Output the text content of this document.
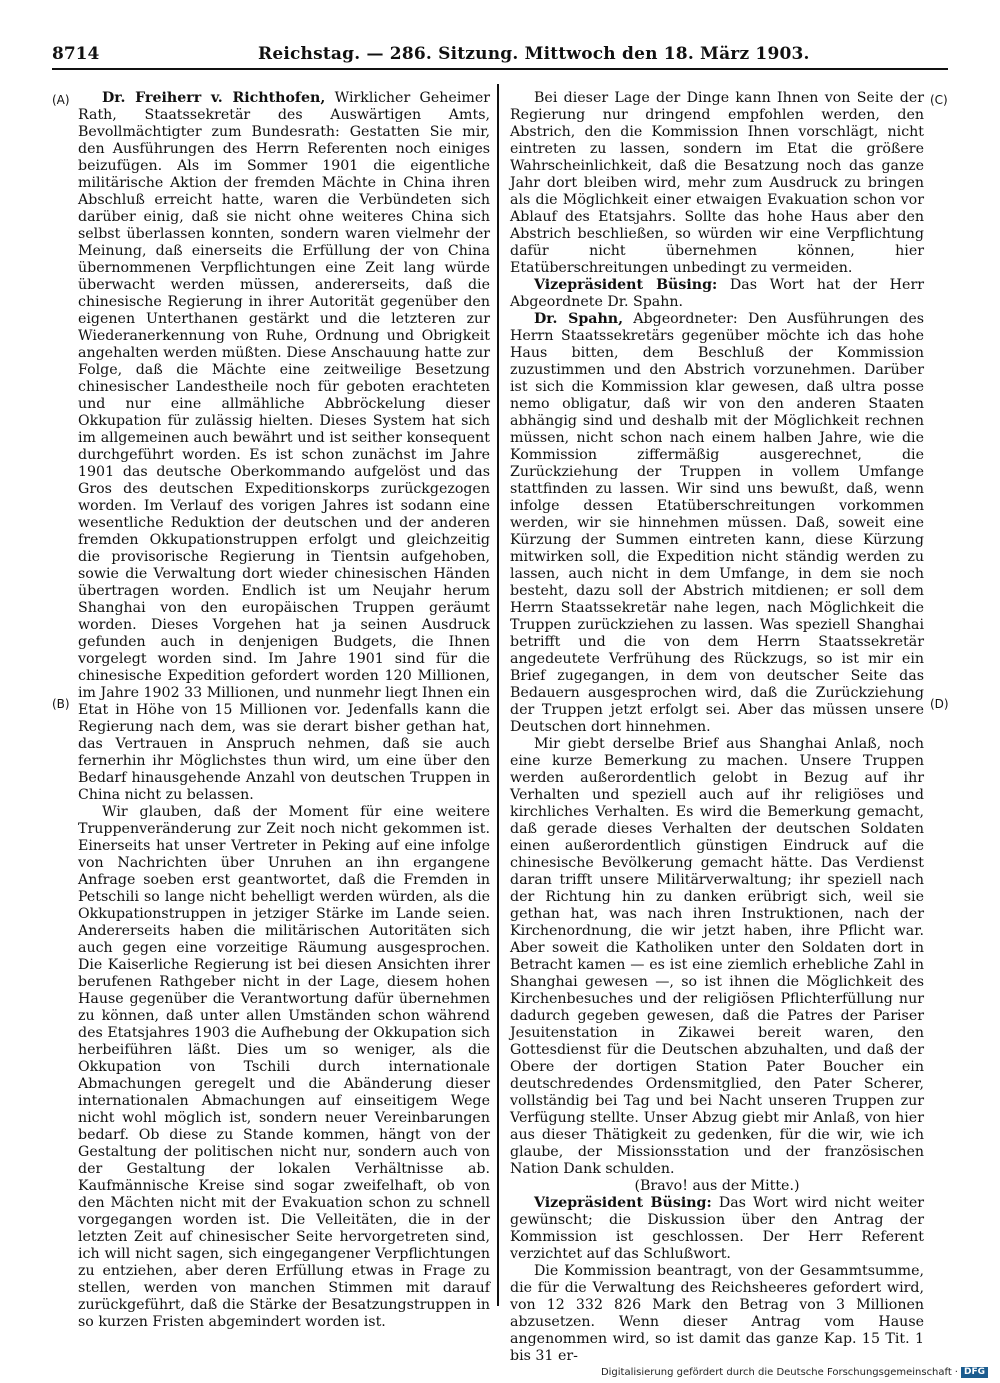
8714	Reichstag. — 286. Sitzung. Mittwoch den 18. März 1903.
(A)
(B)
(C)
(D)

Dr. Freiherr v. Richthofen, Wirklicher Geheimer Rath, Staatssekretär des Auswärtigen Amts, Bevollmächtigter zum Bundesrath: Gestatten Sie mir, den Ausführungen des Herrn Referenten noch einiges beizufügen. Als im Sommer 1901 die eigentliche militärische Aktion der fremden Mächte in China ihren Abschluß erreicht hatte, waren die Verbündeten sich darüber einig, daß sie nicht ohne weiteres China sich selbst überlassen konnten, sondern waren vielmehr der Meinung, daß einerseits die Erfüllung der von China übernommenen Verpflichtungen eine Zeit lang würde überwacht werden müssen, andererseits, daß die chinesische Regierung in ihrer Autorität gegenüber den eigenen Unterthanen gestärkt und die letzteren zur Wiederanerkennung von Ruhe, Ordnung und Obrigkeit angehalten werden müßten. Diese Anschauung hatte zur Folge, daß die Mächte eine zeitweilige Besetzung chinesischer Landestheile noch für geboten erachteten und nur eine allmähliche Abbröckelung dieser Okkupation für zulässig hielten. Dieses System hat sich im allgemeinen auch bewährt und ist seither konsequent durchgeführt worden. Es ist schon zunächst im Jahre 1901 das deutsche Oberkommando aufgelöst und das Gros des deutschen Expeditionskorps zurückgezogen worden. Im Verlauf des vorigen Jahres ist sodann eine wesentliche Reduktion der deutschen und der anderen fremden Okkupationstruppen erfolgt und gleichzeitig die provisorische Regierung in Tientsin aufgehoben, sowie die Verwaltung dort wieder chinesischen Händen übertragen worden. Endlich ist um Neujahr herum Shanghai von den europäischen Truppen geräumt worden. Dieses Vorgehen hat ja seinen Ausdruck gefunden auch in denjenigen Budgets, die Ihnen vorgelegt worden sind. Im Jahre 1901 sind für die chinesische Expedition gefordert worden 120 Millionen, im Jahre 1902 33 Millionen, und nunmehr liegt Ihnen ein Etat in Höhe von 15 Millionen vor. Jedenfalls kann die Regierung nach dem, was sie derart bisher gethan hat, das Vertrauen in Anspruch nehmen, daß sie auch fernerhin ihr Möglichstes thun wird, um eine über den Bedarf hinausgehende Anzahl von deutschen Truppen in China nicht zu belassen.

Wir glauben, daß der Moment für eine weitere Truppenveränderung zur Zeit noch nicht gekommen ist. Einerseits hat unser Vertreter in Peking auf eine infolge von Nachrichten über Unruhen an ihn ergangene Anfrage soeben erst geantwortet, daß die Fremden in Petschili so lange nicht behelligt werden würden, als die Okkupationstruppen in jetziger Stärke im Lande seien. Andererseits haben die militärischen Autoritäten sich auch gegen eine vorzeitige Räumung ausgesprochen. Die Kaiserliche Regierung ist bei diesen Ansichten ihrer berufenen Rathgeber nicht in der Lage, diesem hohen Hause gegenüber die Verantwortung dafür übernehmen zu können, daß unter allen Umständen schon während des Etatsjahres 1903 die Aufhebung der Okkupation sich herbeiführen läßt. Dies um so weniger, als die Okkupation von Tschili durch internationale Abmachungen geregelt und die Abänderung dieser internationalen Abmachungen auf einseitigem Wege nicht wohl möglich ist, sondern neuer Vereinbarungen bedarf. Ob diese zu Stande kommen, hängt von der Gestaltung der politischen nicht nur, sondern auch von der Gestaltung der lokalen Verhältnisse ab. Kaufmännische Kreise sind sogar zweifelhaft, ob von den Mächten nicht mit der Evakuation schon zu schnell vorgegangen worden ist. Die Velleitäten, die in der letzten Zeit auf chinesischer Seite hervorgetreten sind, ich will nicht sagen, sich eingegangener Verpflichtungen zu entziehen, aber deren Erfüllung etwas in Frage zu stellen, werden von manchen Stimmen mit darauf zurückgeführt, daß die Stärke der Besatzungstruppen in so kurzen Fristen abgemindert worden ist.

Bei dieser Lage der Dinge kann Ihnen von Seite der Regierung nur dringend empfohlen werden, den Abstrich, den die Kommission Ihnen vorschlägt, nicht eintreten zu lassen, sondern im Etat die größere Wahrscheinlichkeit, daß die Besatzung noch das ganze Jahr dort bleiben wird, mehr zum Ausdruck zu bringen als die Möglichkeit einer etwaigen Evakuation schon vor Ablauf des Etatsjahrs. Sollte das hohe Haus aber den Abstrich beschließen, so würden wir eine Verpflichtung dafür nicht übernehmen können, hier Etatüberschreitungen unbedingt zu vermeiden.

Vizepräsident Büsing: Das Wort hat der Herr Abgeordnete Dr. Spahn.

Dr. Spahn, Abgeordneter: Den Ausführungen des Herrn Staatssekretärs gegenüber möchte ich das hohe Haus bitten, dem Beschluß der Kommission zuzustimmen und den Abstrich vorzunehmen. Darüber ist sich die Kommission klar gewesen, daß ultra posse nemo obligatur, daß wir von den anderen Staaten abhängig sind und deshalb mit der Möglichkeit rechnen müssen, nicht schon nach einem halben Jahre, wie die Kommission ziffermäßig ausgerechnet, die Zurückziehung der Truppen in vollem Umfange stattfinden zu lassen. Wir sind uns bewußt, daß, wenn infolge dessen Etatüberschreitungen vorkommen werden, wir sie hinnehmen müssen. Daß, soweit eine Kürzung der Summen eintreten kann, diese Kürzung mitwirken soll, die Expedition nicht ständig werden zu lassen, auch nicht in dem Umfange, in dem sie noch besteht, dazu soll der Abstrich mitdienen; er soll dem Herrn Staatssekretär nahe legen, nach Möglichkeit die Truppen zurückziehen zu lassen. Was speziell Shanghai betrifft und die von dem Herrn Staatssekretär angedeutete Verfrühung des Rückzugs, so ist mir ein Brief zugegangen, in dem von deutscher Seite das Bedauern ausgesprochen wird, daß die Zurückziehung der Truppen jetzt erfolgt sei. Aber das müssen unsere Deutschen dort hinnehmen.

Mir giebt derselbe Brief aus Shanghai Anlaß, noch eine kurze Bemerkung zu machen. Unsere Truppen werden außerordentlich gelobt in Bezug auf ihr Verhalten und speziell auch auf ihr religiöses und kirchliches Verhalten. Es wird die Bemerkung gemacht, daß gerade dieses Verhalten der deutschen Soldaten einen außerordentlich günstigen Eindruck auf die chinesische Bevölkerung gemacht hätte. Das Verdienst daran trifft unsere Militärverwaltung; ihr speziell nach der Richtung hin zu danken erübrigt sich, weil sie gethan hat, was nach ihren Instruktionen, nach der Kirchenordnung, die wir jetzt haben, ihre Pflicht war. Aber soweit die Katholiken unter den Soldaten dort in Betracht kamen — es ist eine ziemlich erhebliche Zahl in Shanghai gewesen —, so ist ihnen die Möglichkeit des Kirchenbesuches und der religiösen Pflichterfüllung nur dadurch gegeben gewesen, daß die Patres der Pariser Jesuitenstation in Zikawei bereit waren, den Gottesdienst für die Deutschen abzuhalten, und daß der Obere der dortigen Station Pater Boucher ein deutschredendes Ordensmitglied, den Pater Scherer, vollständig bei Tag und bei Nacht unseren Truppen zur Verfügung stellte. Unser Abzug giebt mir Anlaß, von hier aus dieser Thätigkeit zu gedenken, für die wir, wie ich glaube, der Missionsstation und der französischen Nation Dank schulden.

(Bravo! aus der Mitte.)

Vizepräsident Büsing: Das Wort wird nicht weiter gewünscht; die Diskussion über den Antrag der Kommission ist geschlossen. Der Herr Referent verzichtet auf das Schlußwort.

Die Kommission beantragt, von der Gesammtsumme, die für die Verwaltung des Reichsheeres gefordert wird, von 12 332 826 Mark den Betrag von 3 Millionen abzusetzen. Wenn dieser Antrag vom Hause angenommen wird, so ist damit das ganze Kap. 15 Tit. 1 bis 31 er-

Digitalisierung gefördert durch die Deutsche Forschungsgemeinschaft · DFG
